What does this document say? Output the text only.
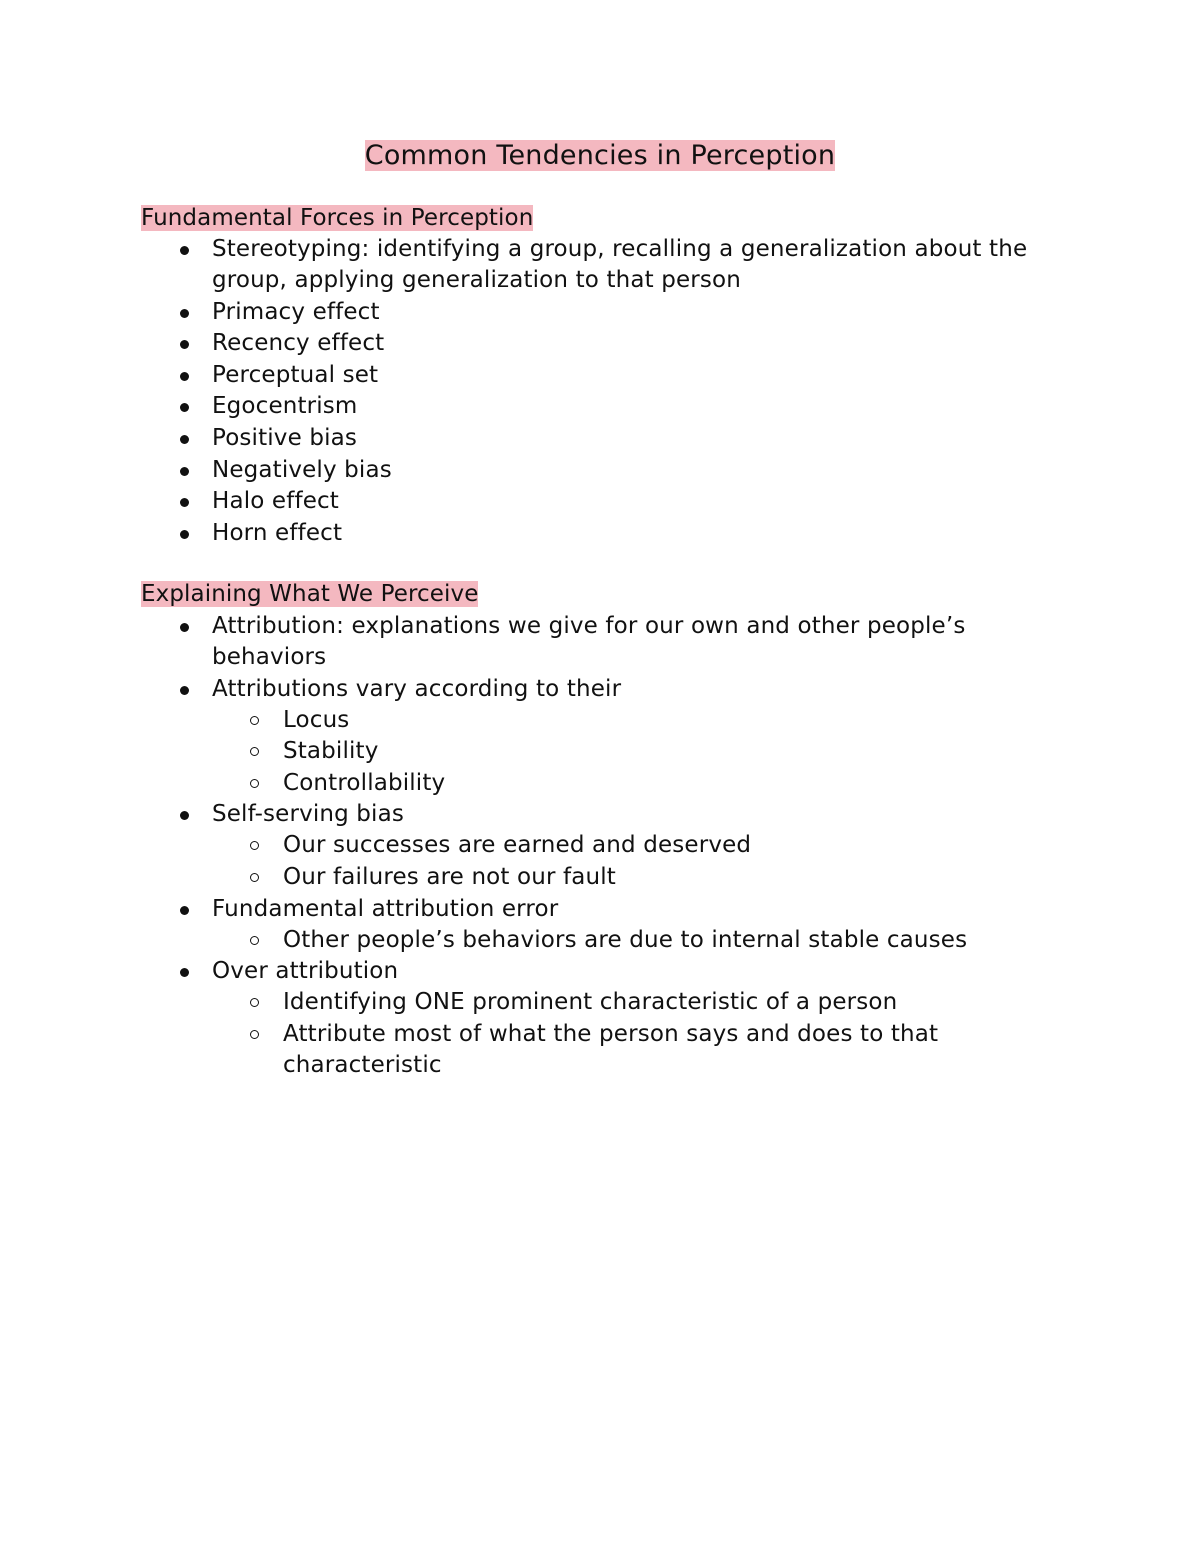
Common Tendencies in Perception
Fundamental Forces in Perception
Stereotyping: identifying a group, recalling a generalization about the group, applying generalization to that person
Primacy effect
Recency effect
Perceptual set
Egocentrism
Positive bias
Negatively bias
Halo effect
Horn effect
Explaining What We Perceive
Attribution: explanations we give for our own and other people’s behaviors
Attributions vary according to their
Locus
Stability
Controllability
Self-serving bias
Our successes are earned and deserved
Our failures are not our fault
Fundamental attribution error
Other people’s behaviors are due to internal stable causes
Over attribution
Identifying ONE prominent characteristic of a person
Attribute most of what the person says and does to that characteristic
